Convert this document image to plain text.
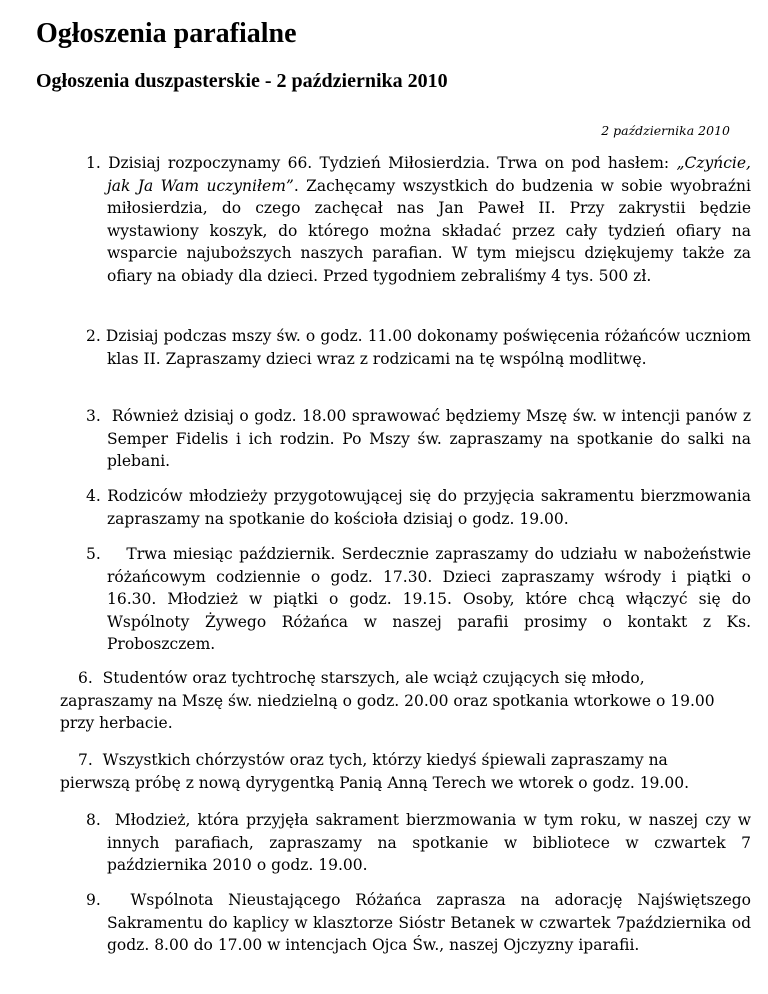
Ogłoszenia parafialne
Ogłoszenia duszpasterskie - 2 października 2010
2 października 2010

1. Dzisiaj rozpoczynamy 66. Tydzień Miłosierdzia. Trwa on pod hasłem: „Czyńcie, jak Ja Wam uczyniłem”. Zachęcamy wszystkich do budzenia w sobie wyobraźni miłosierdzia, do czego zachęcał nas Jan Paweł II. Przy zakrystii będzie wystawiony koszyk, do którego można składać przez cały tydzień ofiary na wsparcie najuboższych naszych parafian. W tym miejscu dziękujemy także za ofiary na obiady dla dzieci. Przed tygodniem zebraliśmy 4 tys. 500 zł.

2. Dzisiaj podczas mszy św. o godz. 11.00 dokonamy poświęcenia różańców uczniom klas II. Zapraszamy dzieci wraz z rodzicami na tę wspólną modlitwę.

3. Również dzisiaj o godz. 18.00 sprawować będziemy Mszę św. w intencji panów z Semper Fidelis i ich rodzin. Po Mszy św. zapraszamy na spotkanie do salki na plebani.

4. Rodziców młodzieży przygotowującej się do przyjęcia sakramentu bierzmowania zapraszamy na spotkanie do kościoła dzisiaj o godz. 19.00.

5. Trwa miesiąc październik. Serdecznie zapraszamy do udziału w nabożeństwie różańcowym codziennie o godz. 17.30. Dzieci zapraszamy wśrody i piątki o 16.30. Młodzież w piątki o godz. 19.15. Osoby, które chcą włączyć się do Wspólnoty Żywego Różańca w naszej parafii prosimy o kontakt z Ks. Proboszczem.

6. Studentów oraz tychtrochę starszych, ale wciąż czujących się młodo, zapraszamy na Mszę św. niedzielną o godz. 20.00 oraz spotkania wtorkowe o 19.00 przy herbacie.

7. Wszystkich chórzystów oraz tych, którzy kiedyś śpiewali zapraszamy na pierwszą próbę z nową dyrygentką Panią Anną Terech we wtorek o godz. 19.00.

8. Młodzież, która przyjęła sakrament bierzmowania w tym roku, w naszej czy w innych parafiach, zapraszamy na spotkanie w bibliotece w czwartek 7 października 2010 o godz. 19.00.

9. Wspólnota Nieustającego Różańca zaprasza na adorację Najświętszego Sakramentu do kaplicy w klasztorze Sióstr Betanek w czwartek 7października od godz. 8.00 do 17.00 w intencjach Ojca Św., naszej Ojczyzny iparafii.
